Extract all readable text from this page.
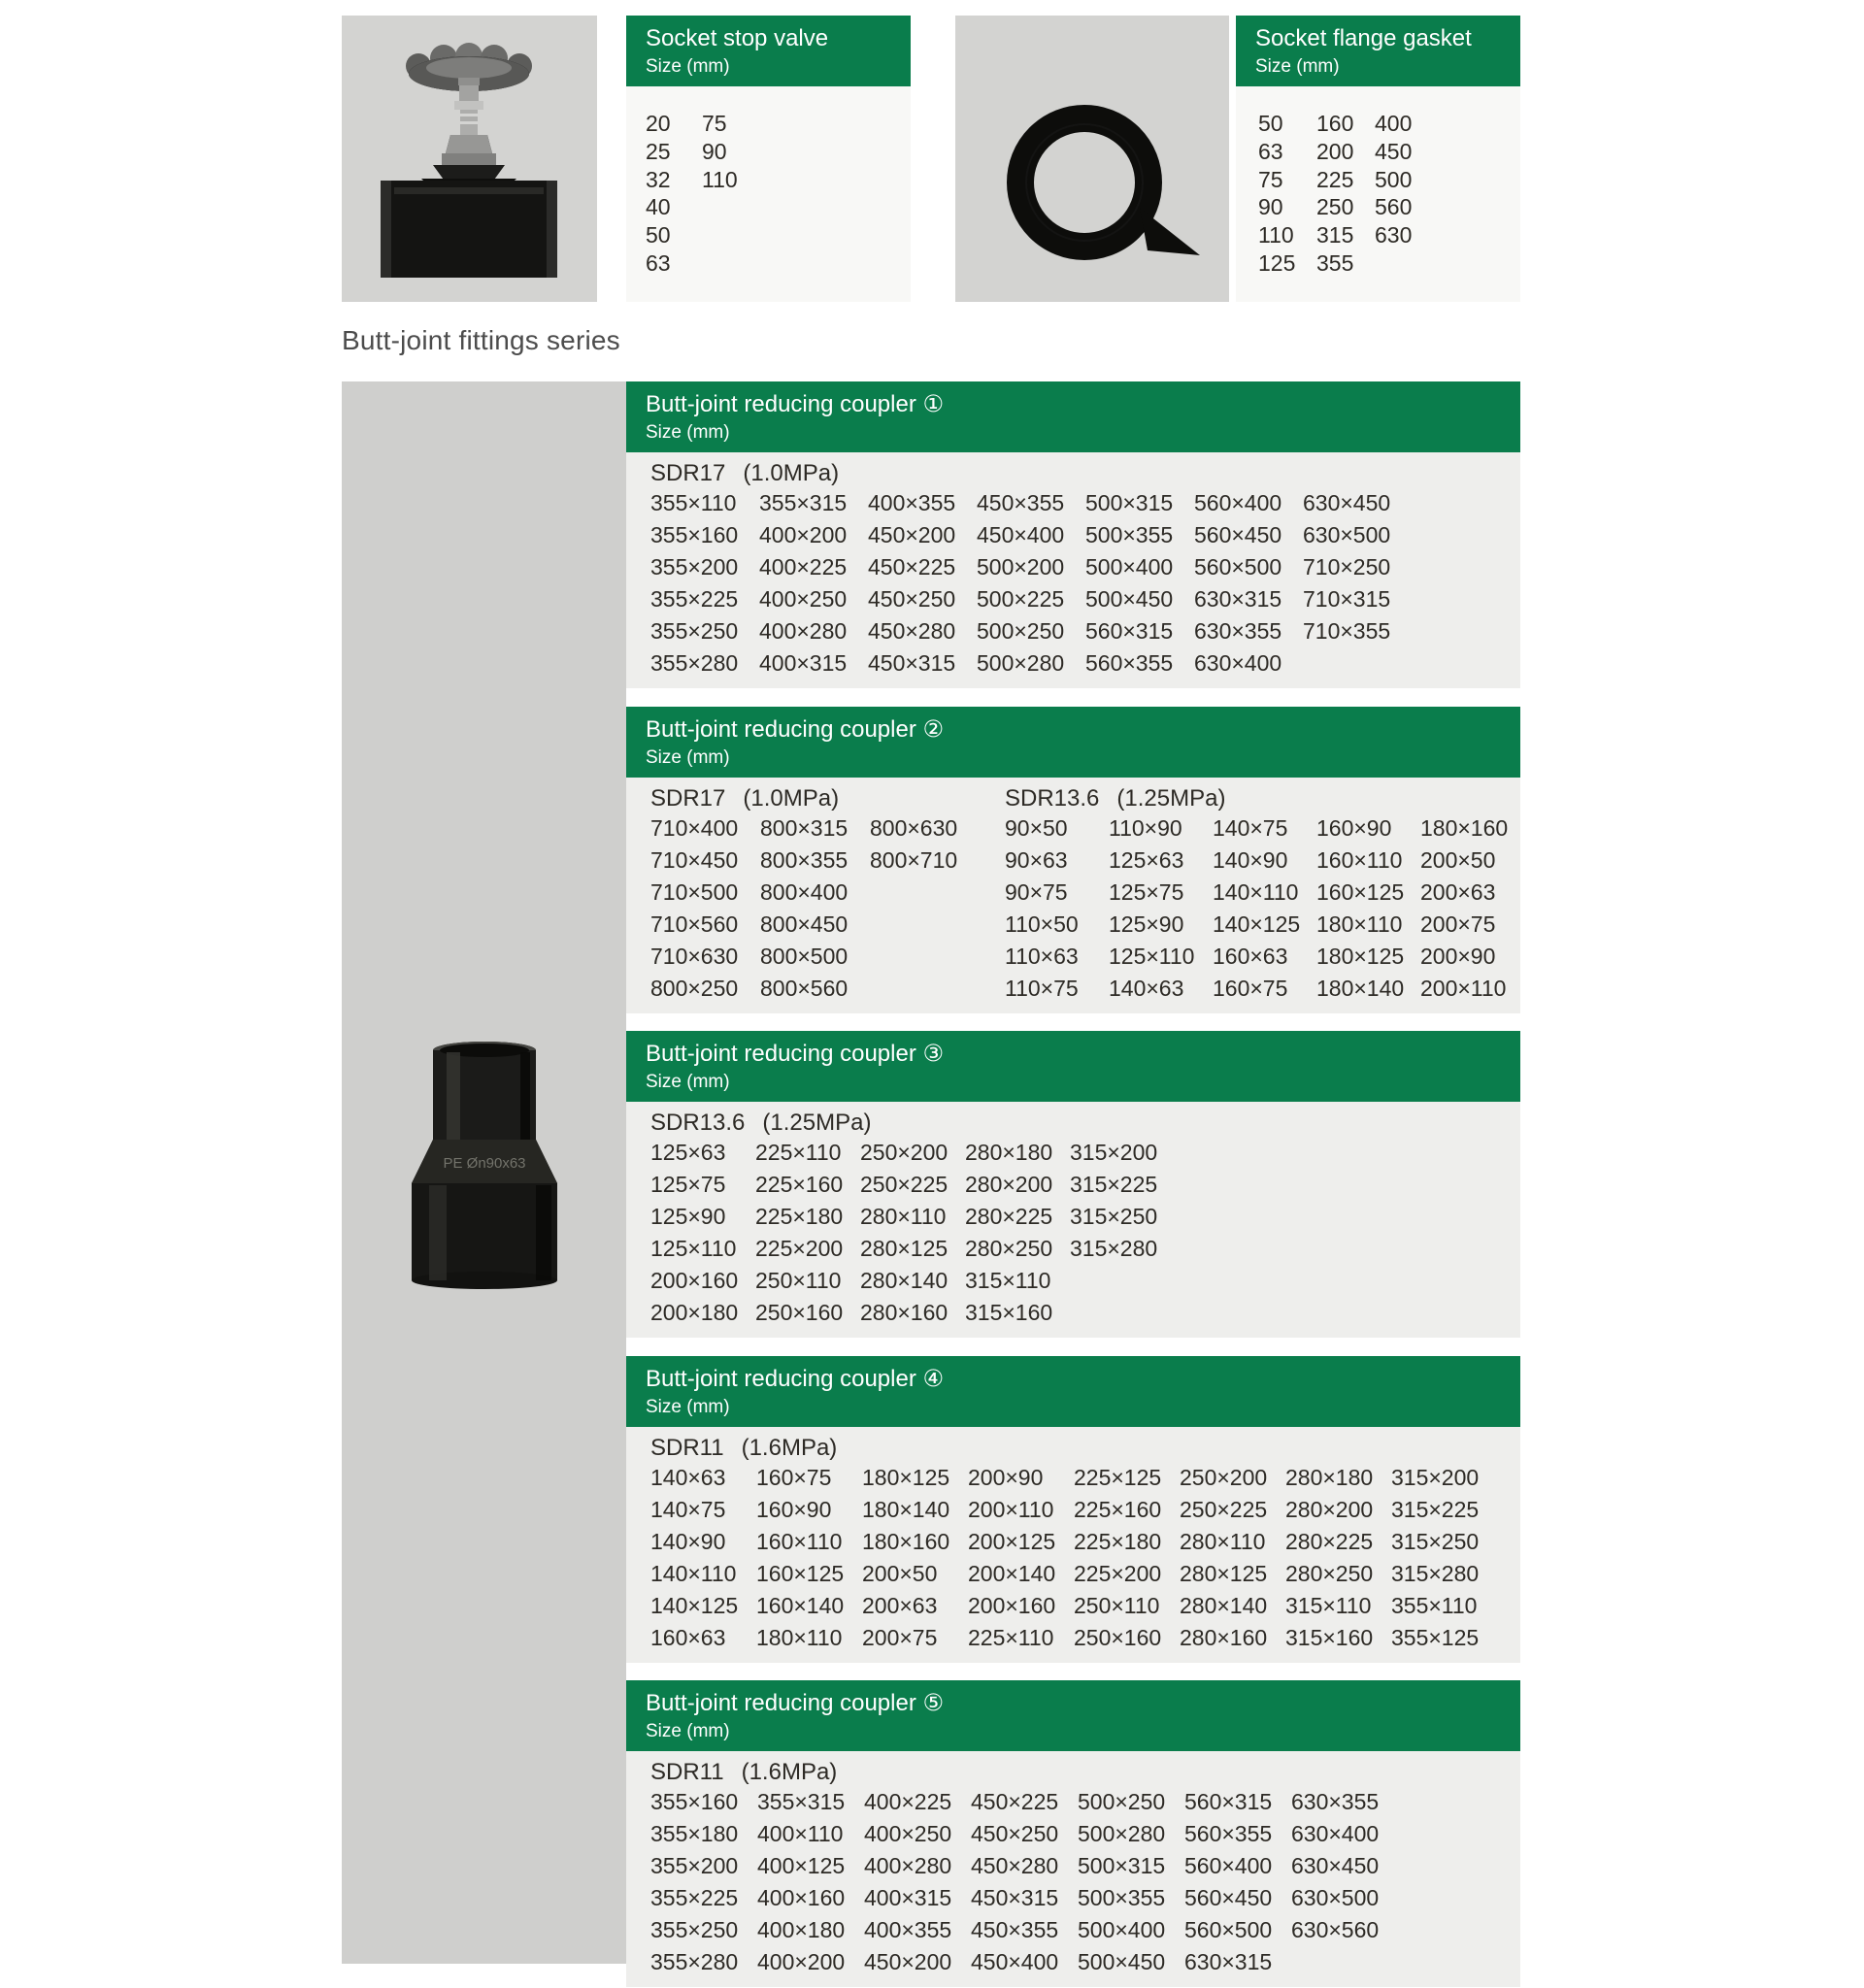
Socket stop valve
Size (mm)
20
25
32
40
50
63
75
90
110
Socket flange gasket
Size (mm)
50
63
75
90
110
125
160
200
225
250
315
355
400
450
500
560
630
Butt-joint fittings series
PE Øn90x63
Butt-joint reducing coupler ①
Size (mm)
SDR17 (1.0MPa)
355×110 355×315 400×355 450×355 500×315 560×400 630×450
355×160 400×200 450×200 450×400 500×355 560×450 630×500
355×200 400×225 450×225 500×200 500×400 560×500 710×250
355×225 400×250 450×250 500×225 500×450 630×315 710×315
355×250 400×280 450×280 500×250 560×315 630×355 710×355
355×280 400×315 450×315 500×280 560×355 630×400
Butt-joint reducing coupler ②
Size (mm)
SDR17 (1.0MPa)
710×400 800×315 800×630
710×450 800×355 800×710
710×500 800×400
710×560 800×450
710×630 800×500
800×250 800×560
SDR13.6 (1.25MPa)
90×50 110×90 140×75 160×90 180×160
90×63 125×63 140×90 160×110 200×50
90×75 125×75 140×110 160×125 200×63
110×50 125×90 140×125 180×110 200×75
110×63 125×110 160×63 180×125 200×90
110×75 140×63 160×75 180×140 200×110
Butt-joint reducing coupler ③
Size (mm)
SDR13.6 (1.25MPa)
125×63 225×110 250×200 280×180 315×200
125×75 225×160 250×225 280×200 315×225
125×90 225×180 280×110 280×225 315×250
125×110 225×200 280×125 280×250 315×280
200×160 250×110 280×140 315×110
200×180 250×160 280×160 315×160
Butt-joint reducing coupler ④
Size (mm)
SDR11 (1.6MPa)
140×63 160×75 180×125 200×90 225×125 250×200 280×180 315×200
140×75 160×90 180×140 200×110 225×160 250×225 280×200 315×225
140×90 160×110 180×160 200×125 225×180 280×110 280×225 315×250
140×110 160×125 200×50 200×140 225×200 280×125 280×250 315×280
140×125 160×140 200×63 200×160 250×110 280×140 315×110 355×110
160×63 180×110 200×75 225×110 250×160 280×160 315×160 355×125
Butt-joint reducing coupler ⑤
Size (mm)
SDR11 (1.6MPa)
355×160 355×315 400×225 450×225 500×250 560×315 630×355
355×180 400×110 400×250 450×250 500×280 560×355 630×400
355×200 400×125 400×280 450×280 500×315 560×400 630×450
355×225 400×160 400×315 450×315 500×355 560×450 630×500
355×250 400×180 400×355 450×355 500×400 560×500 630×560
355×280 400×200 450×200 450×400 500×450 630×315
